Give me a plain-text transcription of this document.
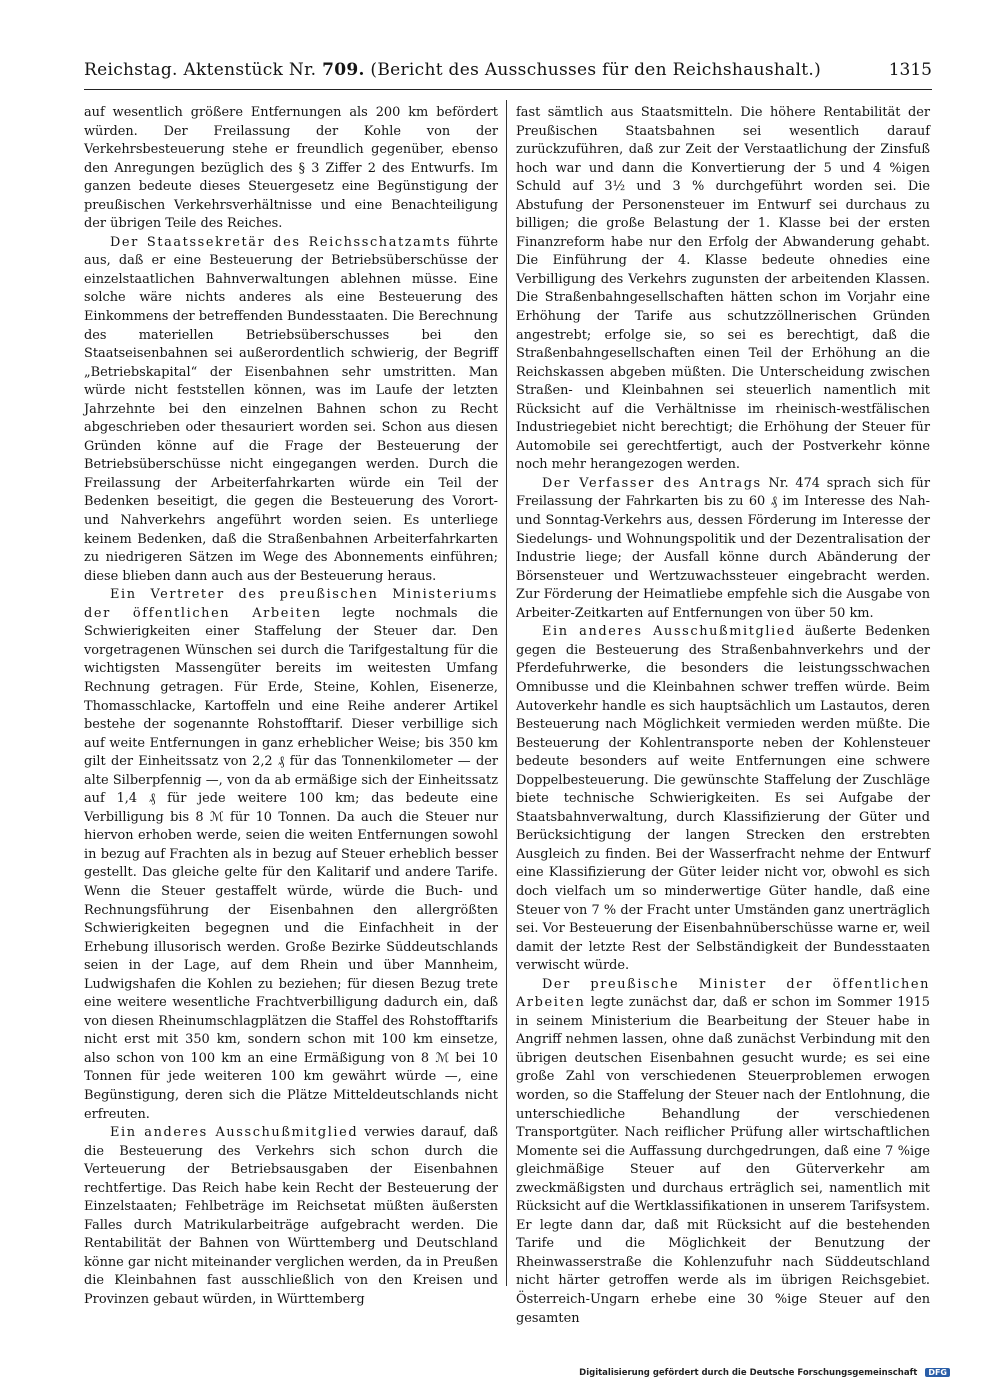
Reichstag. Aktenstück Nr. 709. (Bericht des Ausschusses für den Reichshaushalt.)	1315

auf wesentlich größere Entfernungen als 200 km befördert würden. Der Freilassung der Kohle von der Verkehrsbesteuerung stehe er freundlich gegenüber, ebenso den Anregungen bezüglich des § 3 Ziffer 2 des Entwurfs. Im ganzen bedeute dieses Steuergesetz eine Begünstigung der preußischen Verkehrsverhältnisse und eine Benachteiligung der übrigen Teile des Reiches.

Der Staatssekretär des Reichsschatzamts führte aus, daß er eine Besteuerung der Betriebsüberschüsse der einzelstaatlichen Bahnverwaltungen ablehnen müsse. Eine solche wäre nichts anderes als eine Besteuerung des Einkommens der betreffenden Bundesstaaten. Die Berechnung des materiellen Betriebsüberschusses bei den Staatseisenbahnen sei außerordentlich schwierig, der Begriff „Betriebskapital“ der Eisenbahnen sehr umstritten. Man würde nicht feststellen können, was im Laufe der letzten Jahrzehnte bei den einzelnen Bahnen schon zu Recht abgeschrieben oder thesauriert worden sei. Schon aus diesen Gründen könne auf die Frage der Besteuerung der Betriebsüberschüsse nicht eingegangen werden. Durch die Freilassung der Arbeiterfahrkarten würde ein Teil der Bedenken beseitigt, die gegen die Besteuerung des Vorort- und Nahverkehrs angeführt worden seien. Es unterliege keinem Bedenken, daß die Straßenbahnen Arbeiterfahrkarten zu niedrigeren Sätzen im Wege des Abonnements einführen; diese blieben dann auch aus der Besteuerung heraus.

Ein Vertreter des preußischen Ministeriums der öffentlichen Arbeiten legte nochmals die Schwierigkeiten einer Staffelung der Steuer dar. Den vorgetragenen Wünschen sei durch die Tarifgestaltung für die wichtigsten Massengüter bereits im weitesten Umfang Rechnung getragen. Für Erde, Steine, Kohlen, Eisenerze, Thomasschlacke, Kartoffeln und eine Reihe anderer Artikel bestehe der sogenannte Rohstofftarif. Dieser verbillige sich auf weite Entfernungen in ganz erheblicher Weise; bis 350 km gilt der Einheitssatz von 2,2 ₰ für das Tonnenkilometer — der alte Silberpfennig —, von da ab ermäßige sich der Einheitssatz auf 1,4 ₰ für jede weitere 100 km; das bedeute eine Verbilligung bis 8 ℳ für 10 Tonnen. Da auch die Steuer nur hiervon erhoben werde, seien die weiten Entfernungen sowohl in bezug auf Frachten als in bezug auf Steuer erheblich besser gestellt. Das gleiche gelte für den Kalitarif und andere Tarife. Wenn die Steuer gestaffelt würde, würde die Buch- und Rechnungsführung der Eisenbahnen den allergrößten Schwierigkeiten begegnen und die Einfachheit in der Erhebung illusorisch werden. Große Bezirke Süddeutschlands seien in der Lage, auf dem Rhein und über Mannheim, Ludwigshafen die Kohlen zu beziehen; für diesen Bezug trete eine weitere wesentliche Frachtverbilligung dadurch ein, daß von diesen Rheinumschlagplätzen die Staffel des Rohstofftarifs nicht erst mit 350 km, sondern schon mit 100 km einsetze, also schon von 100 km an eine Ermäßigung von 8 ℳ bei 10 Tonnen für jede weiteren 100 km gewährt würde —, eine Begünstigung, deren sich die Plätze Mitteldeutschlands nicht erfreuten.

Ein anderes Ausschußmitglied verwies darauf, daß die Besteuerung des Verkehrs sich schon durch die Verteuerung der Betriebsausgaben der Eisenbahnen rechtfertige. Das Reich habe kein Recht der Besteuerung der Einzelstaaten; Fehlbeträge im Reichsetat müßten äußersten Falles durch Matrikularbeiträge aufgebracht werden. Die Rentabilität der Bahnen von Württemberg und Deutschland könne gar nicht miteinander verglichen werden, da in Preußen die Kleinbahnen fast ausschließlich von den Kreisen und Provinzen gebaut würden, in Württemberg

fast sämtlich aus Staatsmitteln. Die höhere Rentabilität der Preußischen Staatsbahnen sei wesentlich darauf zurückzuführen, daß zur Zeit der Verstaatlichung der Zinsfuß hoch war und dann die Konvertierung der 5 und 4 %igen Schuld auf 3½ und 3 % durchgeführt worden sei. Die Abstufung der Personensteuer im Entwurf sei durchaus zu billigen; die große Belastung der 1. Klasse bei der ersten Finanzreform habe nur den Erfolg der Abwanderung gehabt. Die Einführung der 4. Klasse bedeute ohnedies eine Verbilligung des Verkehrs zugunsten der arbeitenden Klassen. Die Straßenbahngesellschaften hätten schon im Vorjahr eine Erhöhung der Tarife aus schutzzöllnerischen Gründen angestrebt; erfolge sie, so sei es berechtigt, daß die Straßenbahngesellschaften einen Teil der Erhöhung an die Reichskassen abgeben müßten. Die Unterscheidung zwischen Straßen- und Kleinbahnen sei steuerlich namentlich mit Rücksicht auf die Verhältnisse im rheinisch-westfälischen Industriegebiet nicht berechtigt; die Erhöhung der Steuer für Automobile sei gerechtfertigt, auch der Postverkehr könne noch mehr herangezogen werden.

Der Verfasser des Antrags Nr. 474 sprach sich für Freilassung der Fahrkarten bis zu 60 ₰ im Interesse des Nah- und Sonntag-Verkehrs aus, dessen Förderung im Interesse der Siedelungs- und Wohnungspolitik und der Dezentralisation der Industrie liege; der Ausfall könne durch Abänderung der Börsensteuer und Wertzuwachssteuer eingebracht werden. Zur Förderung der Heimatliebe empfehle sich die Ausgabe von Arbeiter-Zeitkarten auf Entfernungen von über 50 km.

Ein anderes Ausschußmitglied äußerte Bedenken gegen die Besteuerung des Straßenbahnverkehrs und der Pferdefuhrwerke, die besonders die leistungsschwachen Omnibusse und die Kleinbahnen schwer treffen würde. Beim Autoverkehr handle es sich hauptsächlich um Lastautos, deren Besteuerung nach Möglichkeit vermieden werden müßte. Die Besteuerung der Kohlentransporte neben der Kohlensteuer bedeute besonders auf weite Entfernungen eine schwere Doppelbesteuerung. Die gewünschte Staffelung der Zuschläge biete technische Schwierigkeiten. Es sei Aufgabe der Staatsbahnverwaltung, durch Klassifizierung der Güter und Berücksichtigung der langen Strecken den erstrebten Ausgleich zu finden. Bei der Wasserfracht nehme der Entwurf eine Klassifizierung der Güter leider nicht vor, obwohl es sich doch vielfach um so minderwertige Güter handle, daß eine Steuer von 7 % der Fracht unter Umständen ganz unerträglich sei. Vor Besteuerung der Eisenbahnüberschüsse warne er, weil damit der letzte Rest der Selbständigkeit der Bundesstaaten verwischt würde.

Der preußische Minister der öffentlichen Arbeiten legte zunächst dar, daß er schon im Sommer 1915 in seinem Ministerium die Bearbeitung der Steuer habe in Angriff nehmen lassen, ohne daß zunächst Verbindung mit den übrigen deutschen Eisenbahnen gesucht wurde; es sei eine große Zahl von verschiedenen Steuerproblemen erwogen worden, so die Staffelung der Steuer nach der Entlohnung, die unterschiedliche Behandlung der verschiedenen Transportgüter. Nach reiflicher Prüfung aller wirtschaftlichen Momente sei die Auffassung durchgedrungen, daß eine 7 %ige gleichmäßige Steuer auf den Güterverkehr am zweckmäßigsten und durchaus erträglich sei, namentlich mit Rücksicht auf die Wertklassifikationen in unserem Tarifsystem. Er legte dann dar, daß mit Rücksicht auf die bestehenden Tarife und die Möglichkeit der Benutzung der Rheinwasserstraße die Kohlenzufuhr nach Süddeutschland nicht härter getroffen werde als im übrigen Reichsgebiet. Österreich-Ungarn erhebe eine 30 %ige Steuer auf den gesamten

Digitalisierung gefördert durch die Deutsche Forschungsgemeinschaft DFG
